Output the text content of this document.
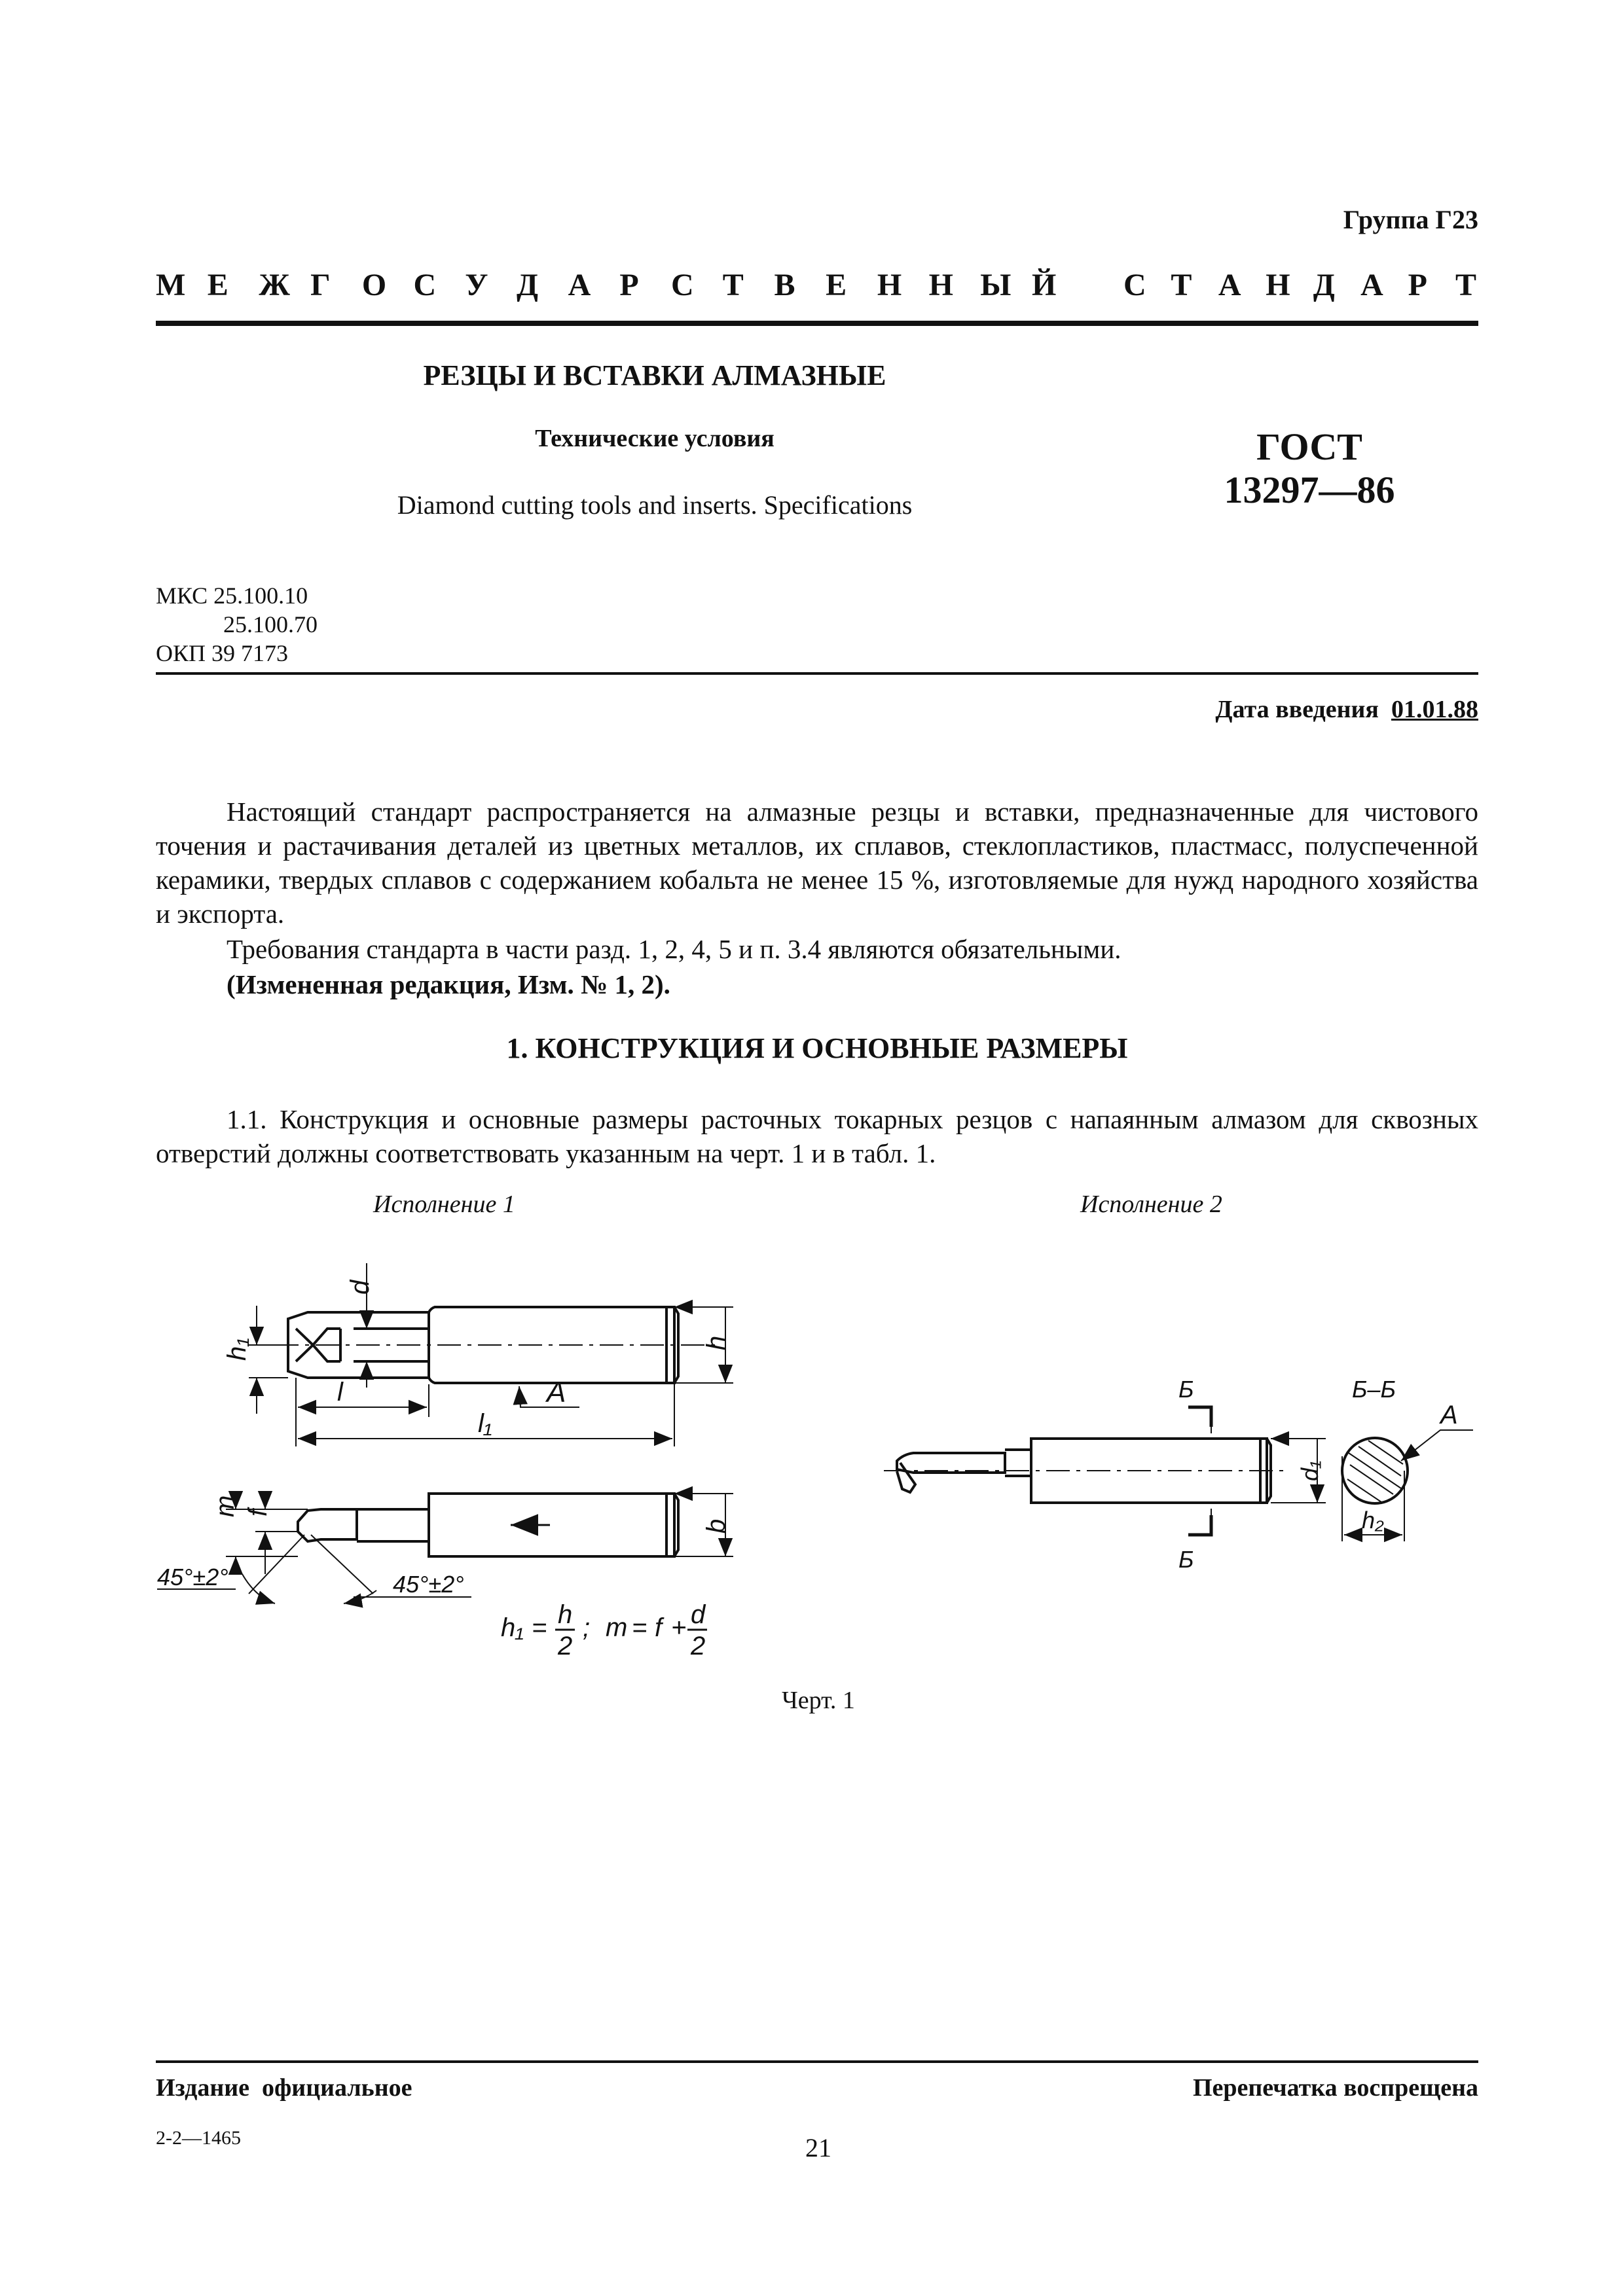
Группа Г23
М Е Ж Г О С У Д А Р С Т В Е Н Н Ы Й С Т А Н Д А Р Т
РЕЗЦЫ И ВСТАВКИ АЛМАЗНЫЕ
Технические условия
Diamond cutting tools and inserts. Specifications
ГОСТ
13297—86
МКС 25.100.10
25.100.70
ОКП 39 7173
Дата введения 01.01.88

Настоящий стандарт распространяется на алмазные резцы и вставки, предназначенные для чистового точения и растачивания деталей из цветных металлов, их сплавов, стеклопластиков, пластмасс, полуспеченной керамики, твердых сплавов с содержанием кобальта не менее 15 %, изготовляемые для нужд народного хозяйства и экспорта.

Требования стандарта в части разд. 1, 2, 4, 5 и п. 3.4 являются обязательными.

(Измененная редакция, Изм. № 1, 2).

1. КОНСТРУКЦИЯ И ОСНОВНЫЕ РАЗМЕРЫ

1.1. Конструкция и основные размеры расточных токарных резцов с напаянным алмазом для сквозных отверстий должны соответствовать указанным на черт. 1 и в табл. 1.

Исполнение 1	Исполнение 2
d
h₁	h
l
l₁
A
m f
b
45°±2°	45°±2°
Б
Б
Б–Б
d₁
h₂
A
h₁ = h
2
; m = f + d
2
Черт. 1
Издание  официальное	Перепечатка воспрещена
2-2—1465	21
